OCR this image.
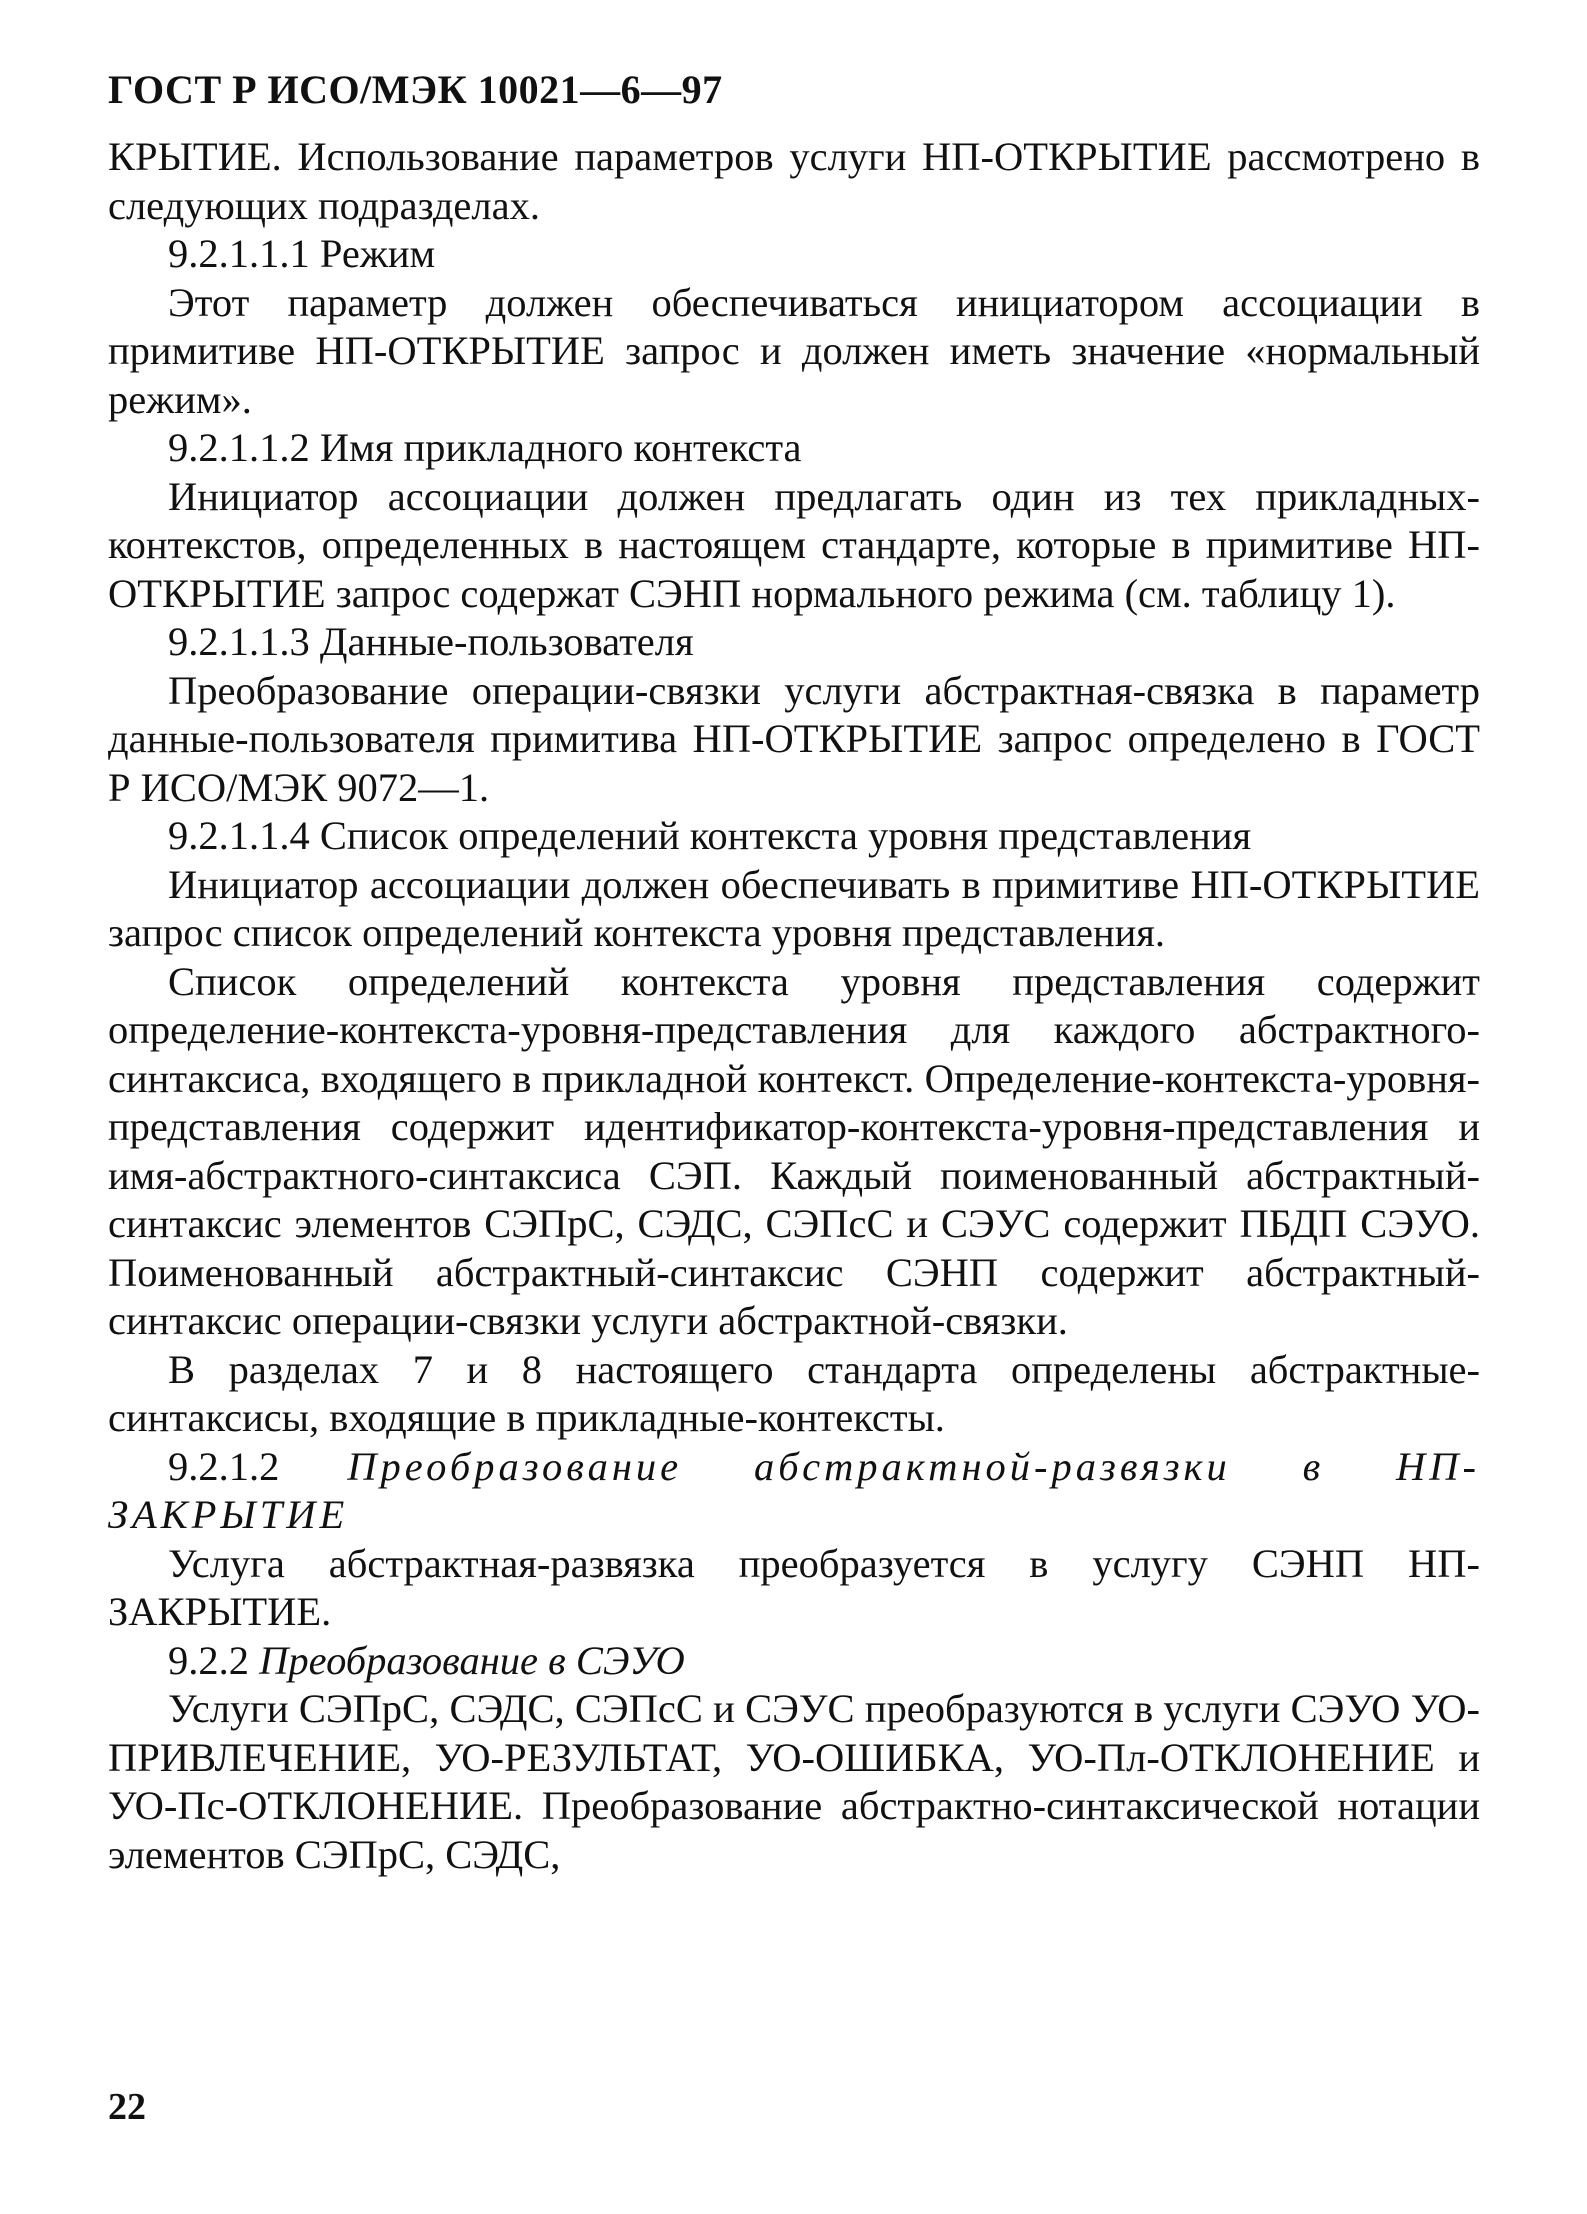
ГОСТ Р ИСО/МЭК 10021—6—97

КРЫТИЕ. Использование параметров услуги НП-ОТКРЫТИЕ рассмотрено в следующих подразделах.

9.2.1.1.1 Режим

Этот параметр должен обеспечиваться инициатором ассоциации в примитиве НП-ОТКРЫТИЕ запрос и должен иметь значение «нормальный режим».

9.2.1.1.2 Имя прикладного контекста

Инициатор ассоциации должен предлагать один из тех прикладных-контекстов, определенных в настоящем стандарте, которые в примитиве НП-ОТКРЫТИЕ запрос содержат СЭНП нормального режима (см. таблицу 1).

9.2.1.1.3 Данные-пользователя

Преобразование операции-связки услуги абстрактная-связка в параметр данные-пользователя примитива НП-ОТКРЫТИЕ запрос определено в ГОСТ Р ИСО/МЭК 9072—1.

9.2.1.1.4 Список определений контекста уровня представления

Инициатор ассоциации должен обеспечивать в примитиве НП-ОТКРЫТИЕ запрос список определений контекста уровня представления.

Список определений контекста уровня представления содержит определение-контекста-уровня-представления для каждого абстрактного-синтаксиса, входящего в прикладной контекст. Определение-контекста-уровня-представления содержит идентификатор-контекста-уровня-представления и имя-абстрактного-синтаксиса СЭП. Каждый поименованный абстрактный-синтаксис элементов СЭПрС, СЭДС, СЭПсС и СЭУС содержит ПБДП СЭУО. Поименованный абстрактный-синтаксис СЭНП содержит абстрактный-синтаксис операции-связки услуги абстрактной-связки.

В разделах 7 и 8 настоящего стандарта определены абстрактные-синтаксисы, входящие в прикладные-контексты.

9.2.1.2 Преобразование абстрактной-развязки в НП-ЗАКРЫТИЕ

Услуга абстрактная-развязка преобразуется в услугу СЭНП НП-ЗАКРЫТИЕ.

9.2.2 Преобразование в СЭУО

Услуги СЭПрС, СЭДС, СЭПсС и СЭУС преобразуются в услуги СЭУО УО-ПРИВЛЕЧЕНИЕ, УО-РЕЗУЛЬТАТ, УО-ОШИБКА, УО-Пл-ОТКЛОНЕНИЕ и УО-Пс-ОТКЛОНЕНИЕ. Преобразование абстрактно-синтаксической нотации элементов СЭПрС, СЭДС,

22
